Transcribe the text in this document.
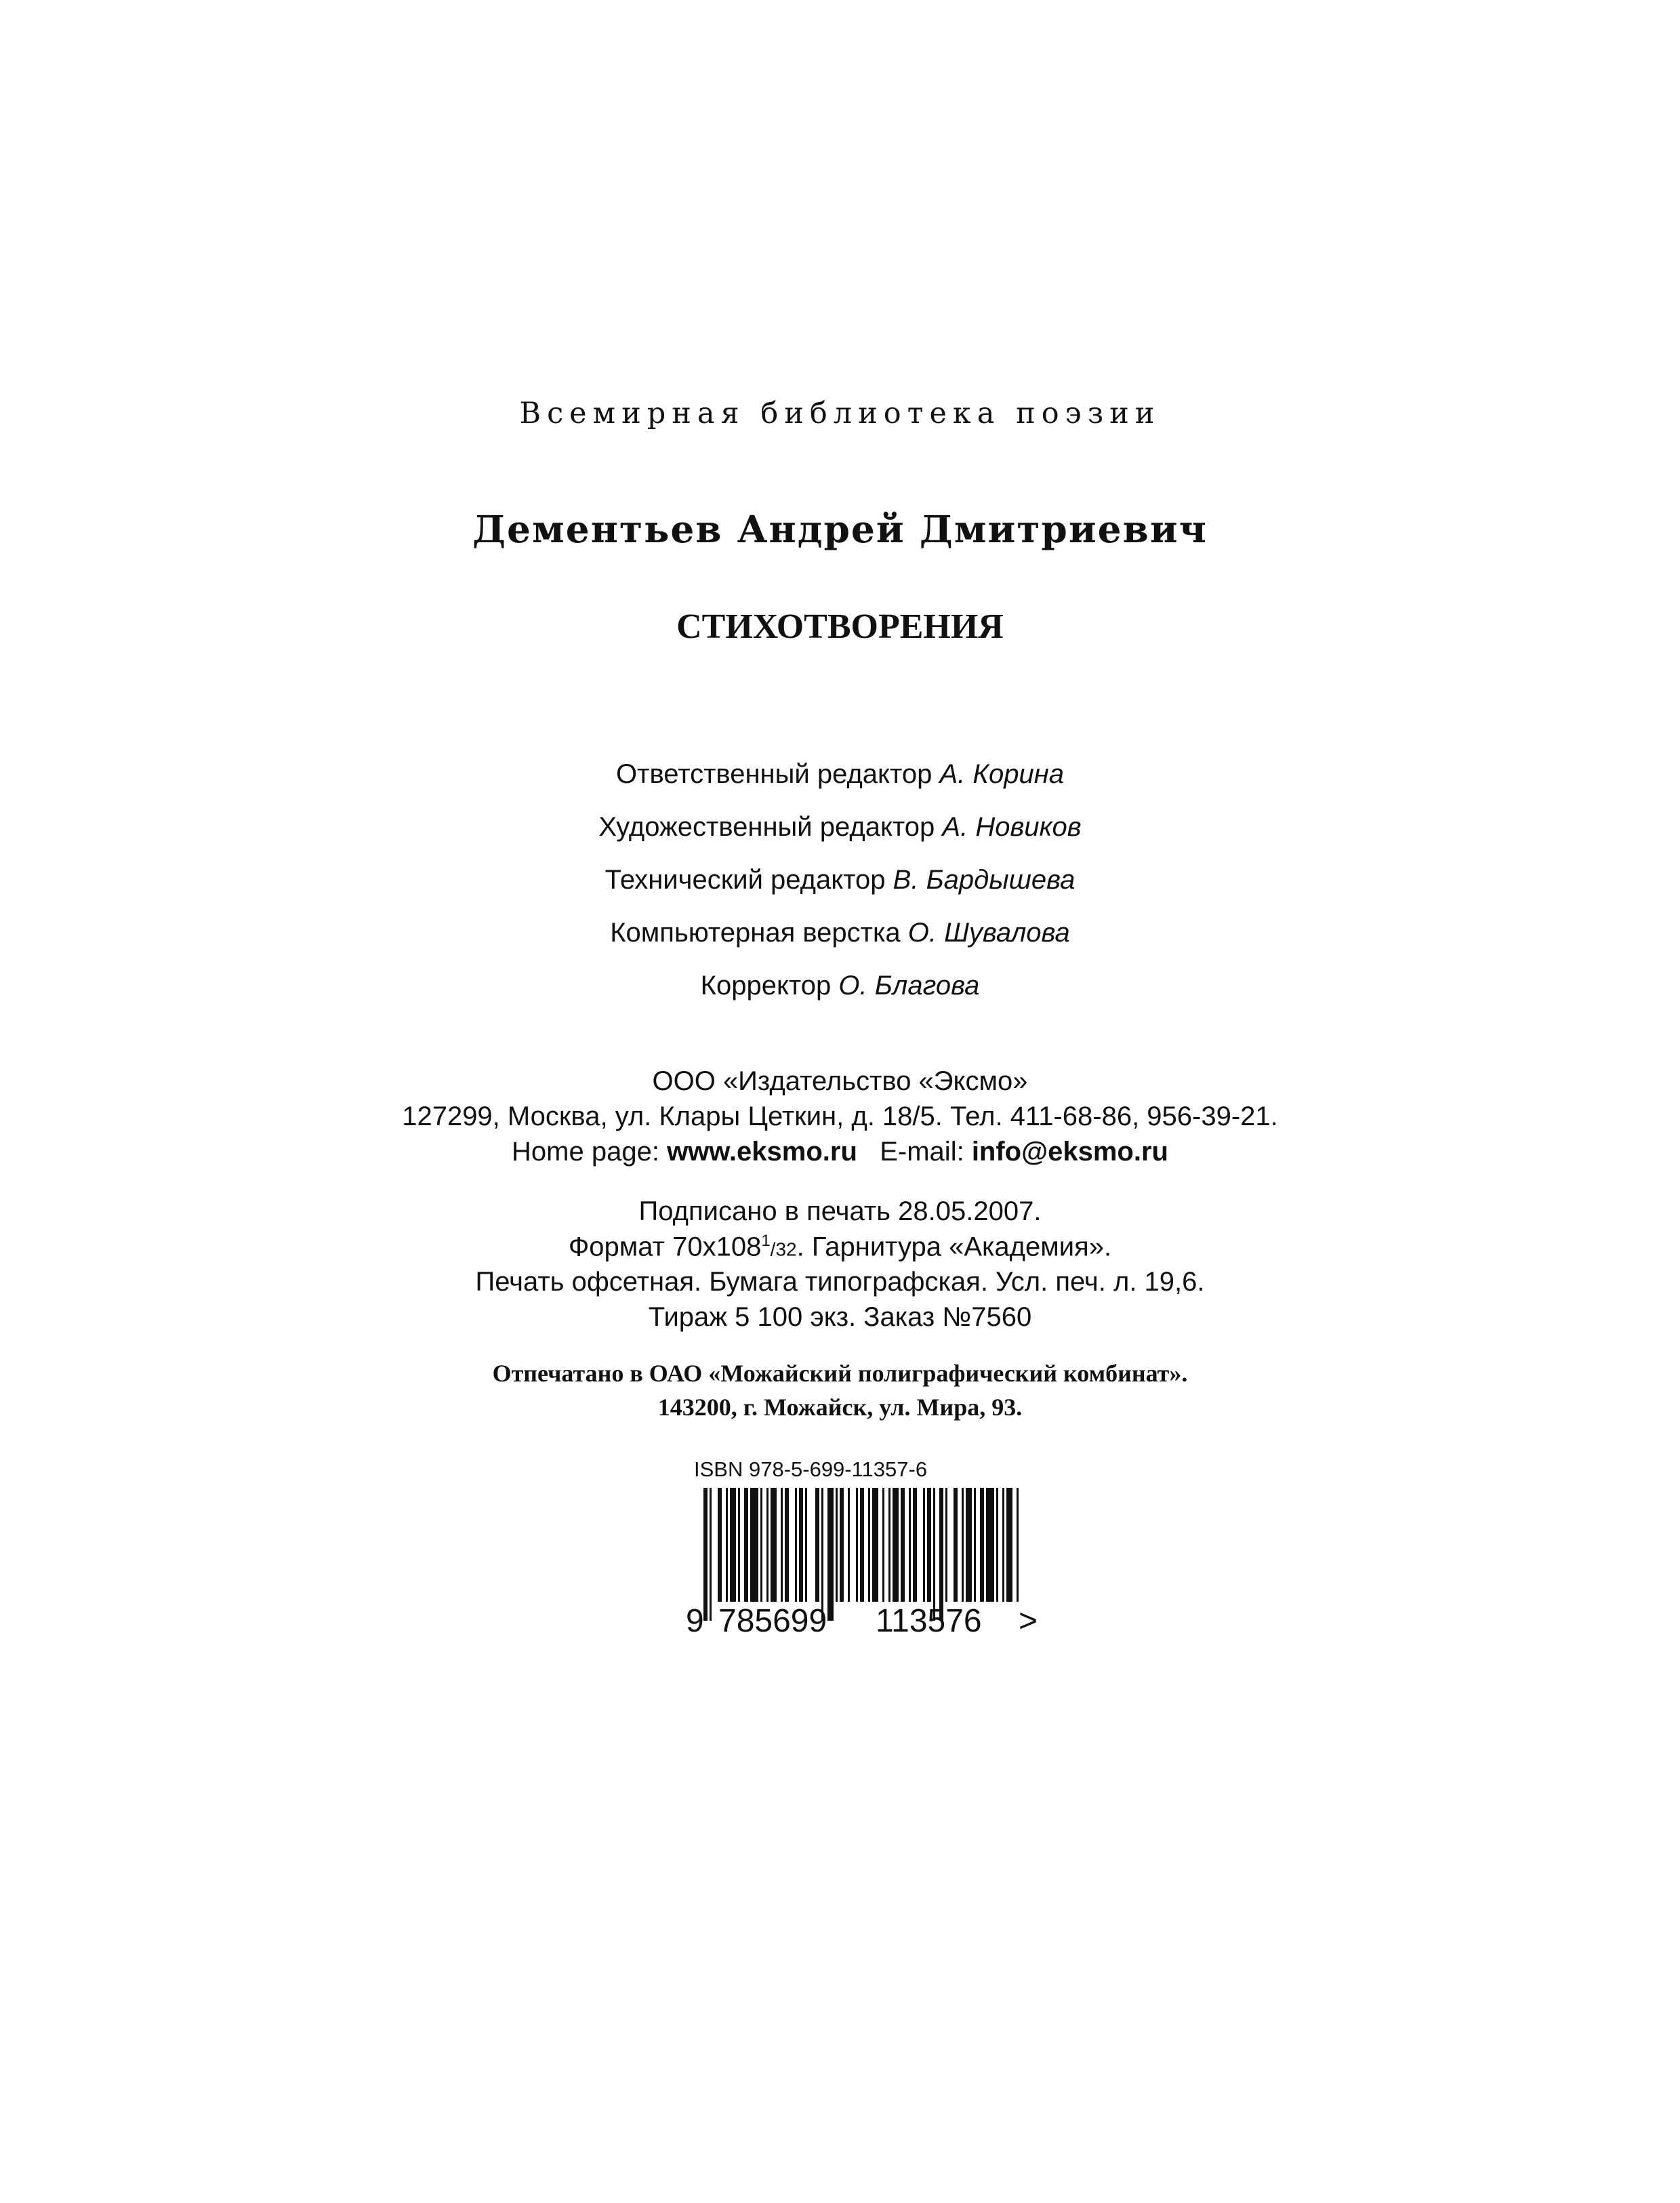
Всемирная библиотека поэзии
Дементьев Андрей Дмитриевич
СТИХОТВОРЕНИЯ
Ответственный редактор А. Корина
Художественный редактор А. Новиков
Технический редактор В. Бардышева
Компьютерная верстка О. Шувалова
Корректор О. Благова
ООО «Издательство «Эксмо»
127299, Москва, ул. Клары Цеткин, д. 18/5. Тел. 411-68-86, 956-39-21.
Home page: www.eksmo.ru E-mail: info@eksmo.ru
Подписано в печать 28.05.2007.
Формат $70x108^1/32$. Гарнитура «Академия».
Печать офсетная. Бумага типографская. Усл. печ. л. 19,6.
Тираж 5 100 экз. Заказ №7560
Отпечатано в ОАО «Можайский полиграфический комбинат».
143200, г. Можайск, ул. Мира, 93.
ISBN 978-5-699-11357-6
9 785699 113576 >
